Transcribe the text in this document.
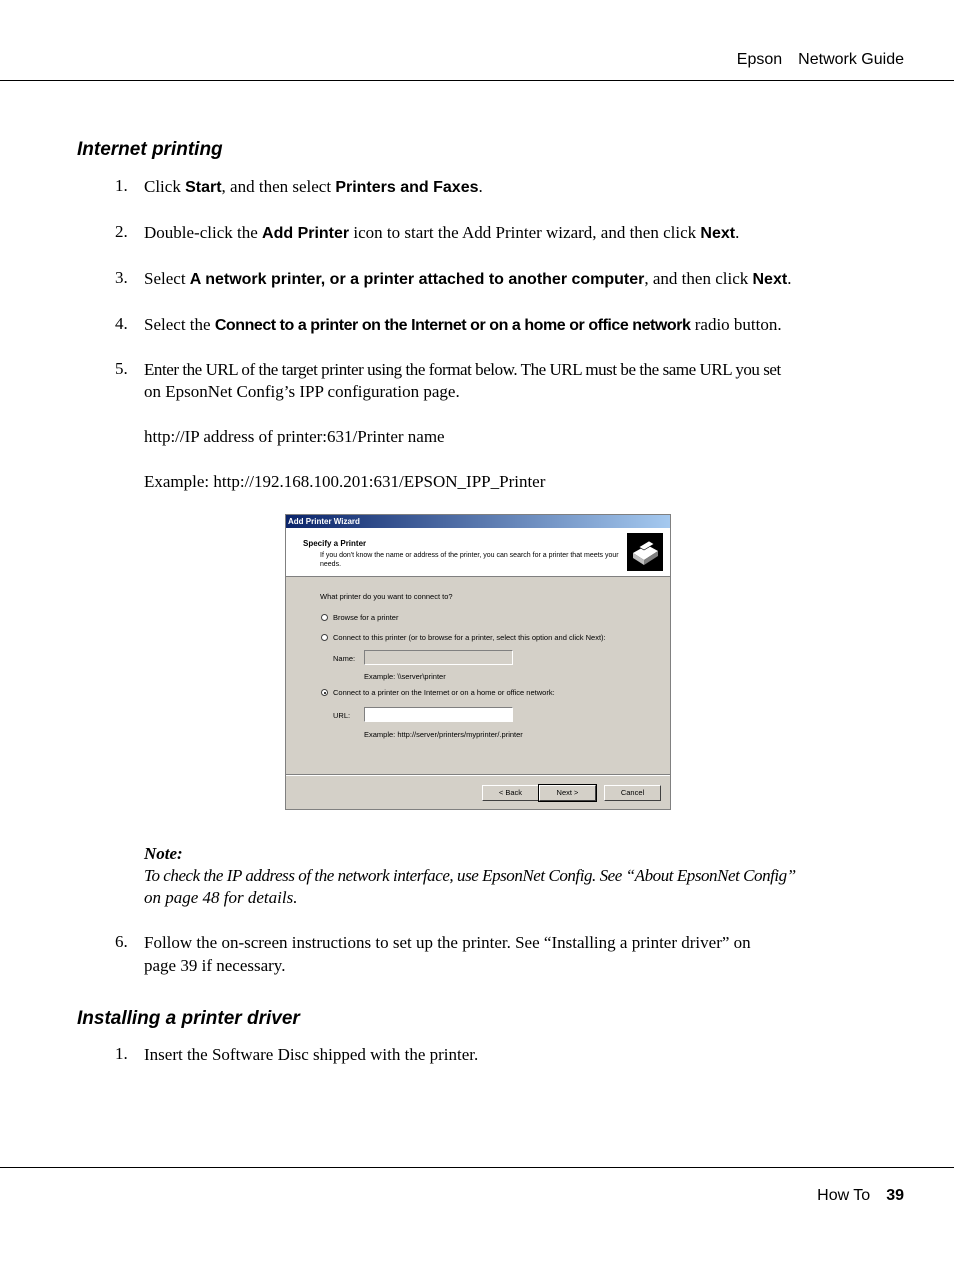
Epson Network Guide
Internet printing
1. Click Start, and then select Printers and Faxes.
2. Double-click the Add Printer icon to start the Add Printer wizard, and then click Next.
3. Select A network printer, or a printer attached to another computer, and then click Next.
4. Select the Connect to a printer on the Internet or on a home or office network radio button.
5. Enter the URL of the target printer using the format below. The URL must be the same URL you set
on EpsonNet Config’s IPP configuration page.
http://IP address of printer:631/Printer name
Example: http://192.168.100.201:631/EPSON_IPP_Printer
Add Printer Wizard
Specify a Printer
If you don't know the name or address of the printer, you can search for a printer that meets your needs.
What printer do you want to connect to?
Browse for a printer
Connect to this printer (or to browse for a printer, select this option and click Next):
Name:
Example: \\server\printer
Connect to a printer on the Internet or on a home or office network:
URL:
Example: http://server/printers/myprinter/.printer
< Back	Next >	Cancel
Note:
To check the IP address of the network interface, use EpsonNet Config. See “About EpsonNet Config”
on page 48 for details.
6. Follow the on-screen instructions to set up the printer. See “Installing a printer driver” on
page 39 if necessary.
Installing a printer driver
1. Insert the Software Disc shipped with the printer.
How To 39
